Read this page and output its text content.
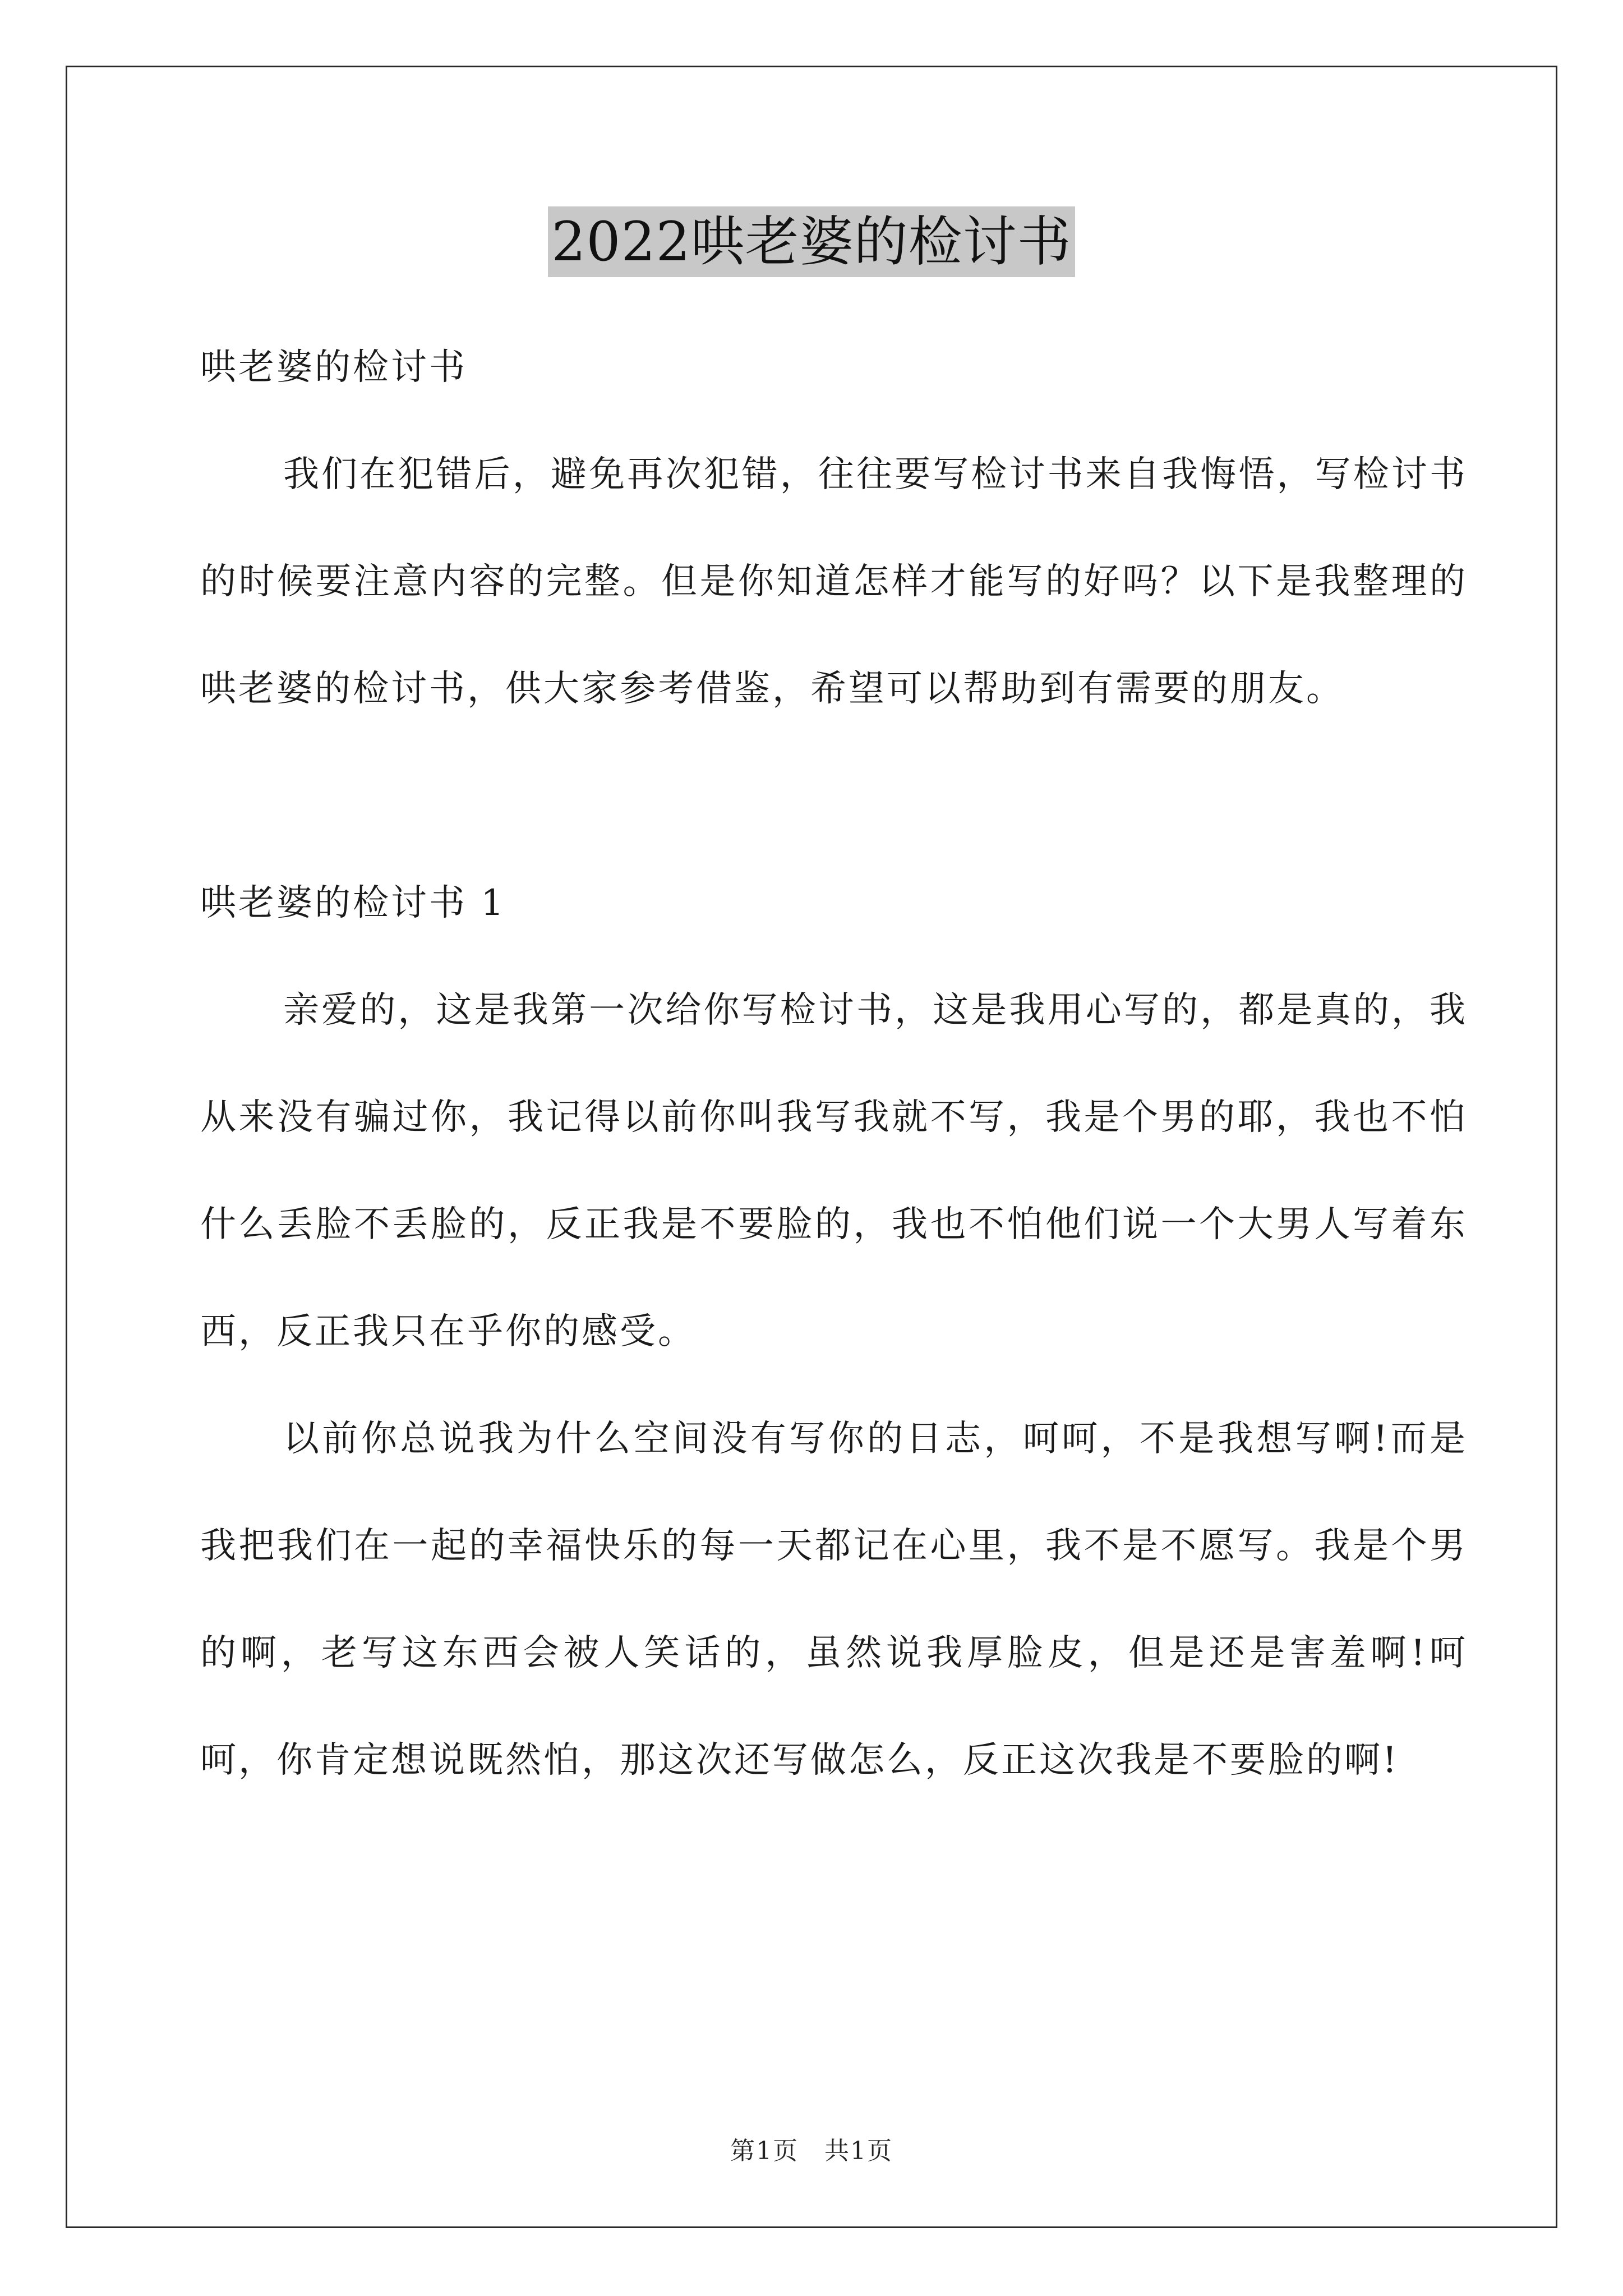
2022哄老婆的检讨书

哄老婆的检讨书

我们在犯错后，避免再次犯错，往往要写检讨书来自我悔悟，写检讨书的时候要注意内容的完整。但是你知道怎样才能写的好吗？以下是我整理的哄老婆的检讨书，供大家参考借鉴，希望可以帮助到有需要的朋友。

哄老婆的检讨书 1

亲爱的，这是我第一次给你写检讨书，这是我用心写的，都是真的，我从来没有骗过你，我记得以前你叫我写我就不写，我是个男的耶，我也不怕什么丢脸不丢脸的，反正我是不要脸的，我也不怕他们说一个大男人写着东西，反正我只在乎你的感受。

以前你总说我为什么空间没有写你的日志，呵呵，不是我想写啊!而是我把我们在一起的幸福快乐的每一天都记在心里，我不是不愿写。我是个男的啊，老写这东西会被人笑话的，虽然说我厚脸皮，但是还是害羞啊!呵呵，你肯定想说既然怕，那这次还写做怎么，反正这次我是不要脸的啊!

第1页　共1页
